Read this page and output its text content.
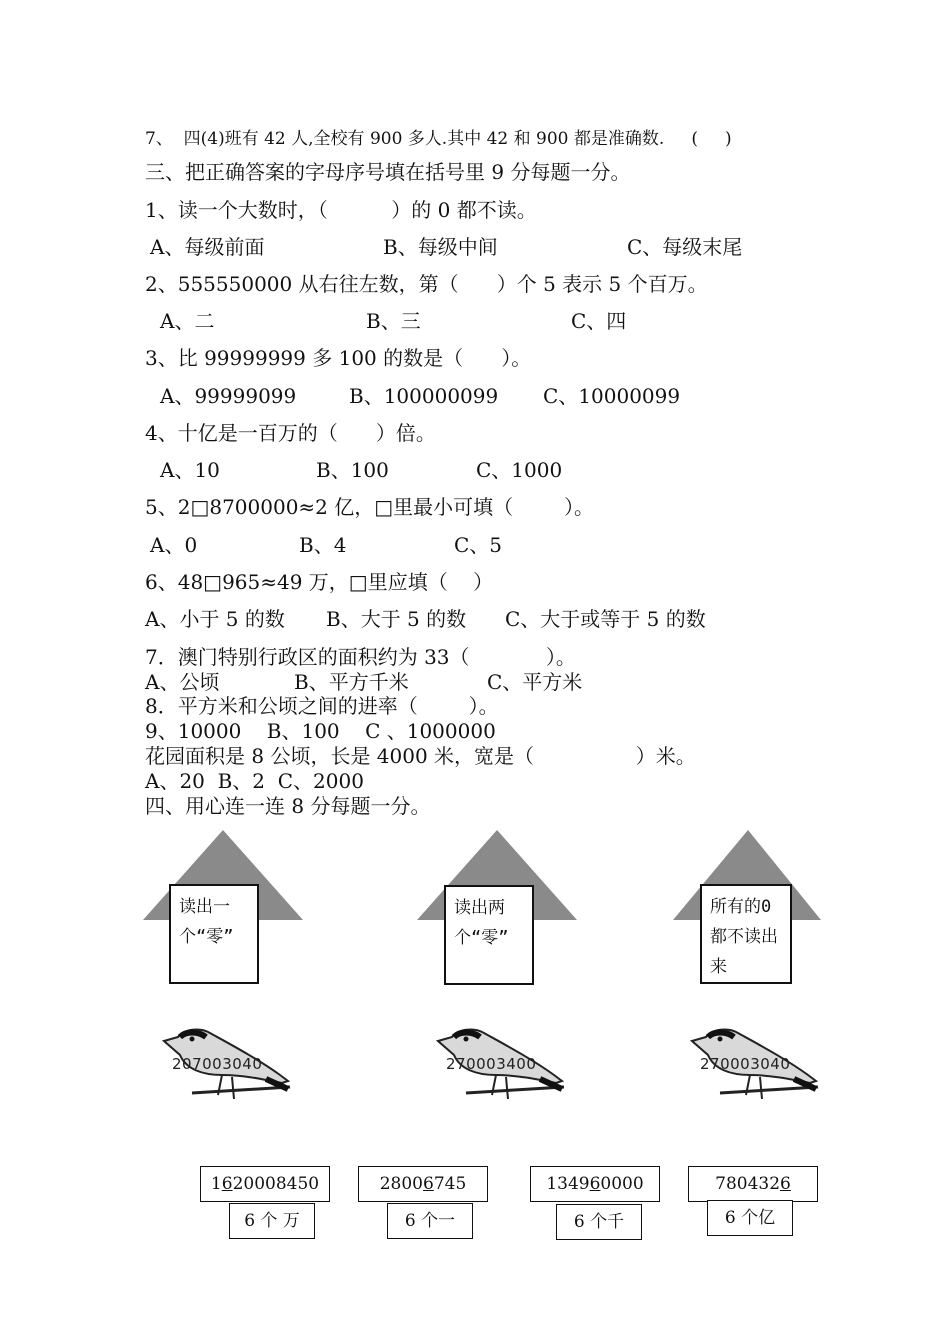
7、  四(4)班有 42 人,全校有 900 多人.其中 42 和 900 都是准确数.     (     )
三、把正确答案的字母序号填在括号里 9 分每题一分。
1、读一个大数时，（          ）的 0 都不读。
A、每级前面	B、每级中间	C、每级末尾
2、555550000 从右往左数，第（      ）个 5 表示 5 个百万。
A、二	B、三	C、四
3、比 99999999 多 100 的数是（      ）。
A、99999099	B、100000099 C、10000099
4、十亿是一百万的（      ）倍。
A、10	B、100	C、1000
5、2□8700000≈2 亿，□里最小可填（        ）。
A、0	B、4	C、5
6、48□965≈49 万，□里应填（    ）
A、小于 5 的数 B、大于 5 的数 C、大于或等于 5 的数
7．澳门特别行政区的面积约为 33（            ）。
A、公顷	B、平方千米	C、平方米
8．平方米和公顷之间的进率（        ）。
9、10000    B、100    C 、1000000
花园面积是 8 公顷，长是 4000 米，宽是（                ）米。
A、20  B、2  C、2000
四、用心连一连 8 分每题一分。
读出一
个“零”
读出两
个“零”
所有的0
都不读出
来
207003040	270003400	270003040
1620008450	28006745	134960000	7804326
6 个 万	6 个一	6 个千	6 个亿
